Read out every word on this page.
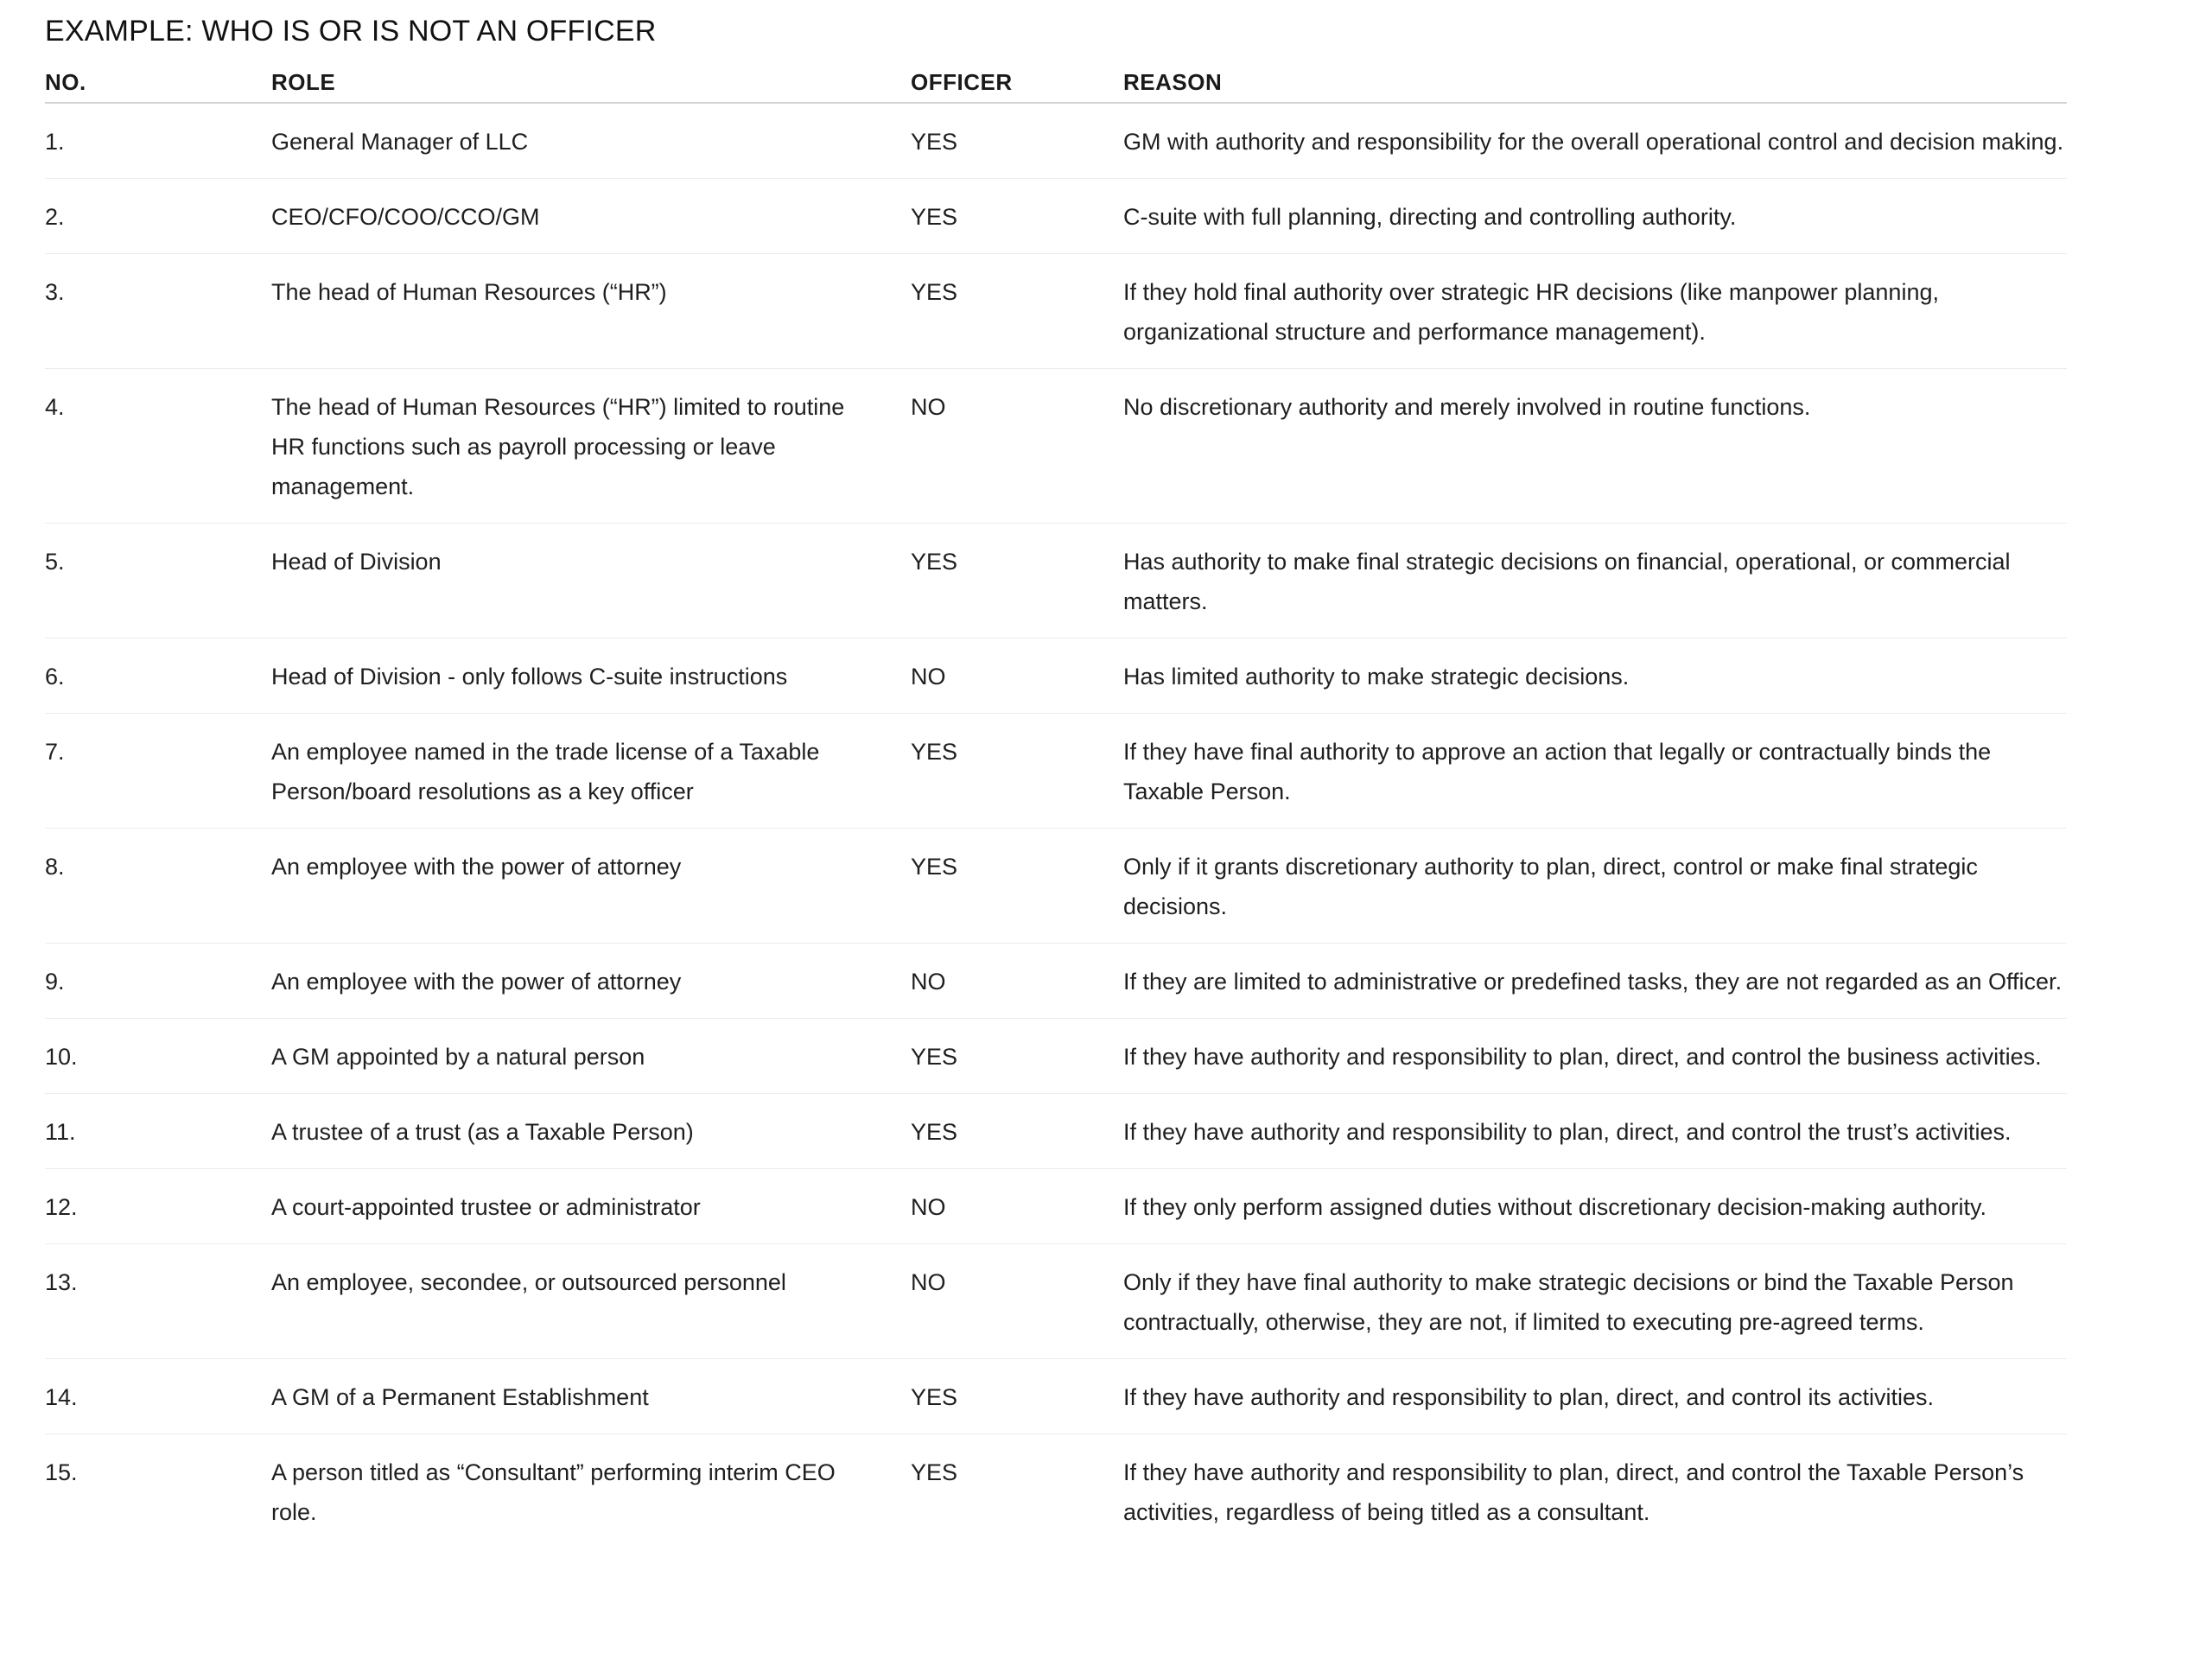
EXAMPLE: WHO IS OR IS NOT AN OFFICER
NO.	ROLE	OFFICER	REASON
1.	General Manager of LLC	YES	GM with authority and responsibility for the overall operational control and decision making.
2.	CEO/CFO/COO/CCO/GM	YES	C-suite with full planning, directing and controlling authority.
3.	The head of Human Resources (“HR”)	YES	If they hold final authority over strategic HR decisions (like manpower planning, organizational structure and performance management).
4.	The head of Human Resources (“HR”) limited to routine HR functions such as payroll processing or leave management.	NO	No discretionary authority and merely involved in routine functions.
5.	Head of Division	YES	Has authority to make final strategic decisions on financial, operational, or commercial matters.
6.	Head of Division - only follows C-suite instructions	NO	Has limited authority to make strategic decisions.
7.	An employee named in the trade license of a Taxable Person/board resolutions as a key officer	YES	If they have final authority to approve an action that legally or contractually binds the Taxable Person.
8.	An employee with the power of attorney	YES	Only if it grants discretionary authority to plan, direct, control or make final strategic decisions.
9.	An employee with the power of attorney	NO	If they are limited to administrative or predefined tasks, they are not regarded as an Officer.
10.	A GM appointed by a natural person	YES	If they have authority and responsibility to plan, direct, and control the business activities.
11.	A trustee of a trust (as a Taxable Person)	YES	If they have authority and responsibility to plan, direct, and control the trust’s activities.
12.	A court-appointed trustee or administrator	NO	If they only perform assigned duties without discretionary decision-making authority.
13.	An employee, secondee, or outsourced personnel	NO	Only if they have final authority to make strategic decisions or bind the Taxable Person contractually, otherwise, they are not, if limited to executing pre-agreed terms.
14.	A GM of a Permanent Establishment	YES	If they have authority and responsibility to plan, direct, and control its activities.
15.	A person titled as “Consultant” performing interim CEO role.	YES	If they have authority and responsibility to plan, direct, and control the Taxable Person’s activities, regardless of being titled as a consultant.
